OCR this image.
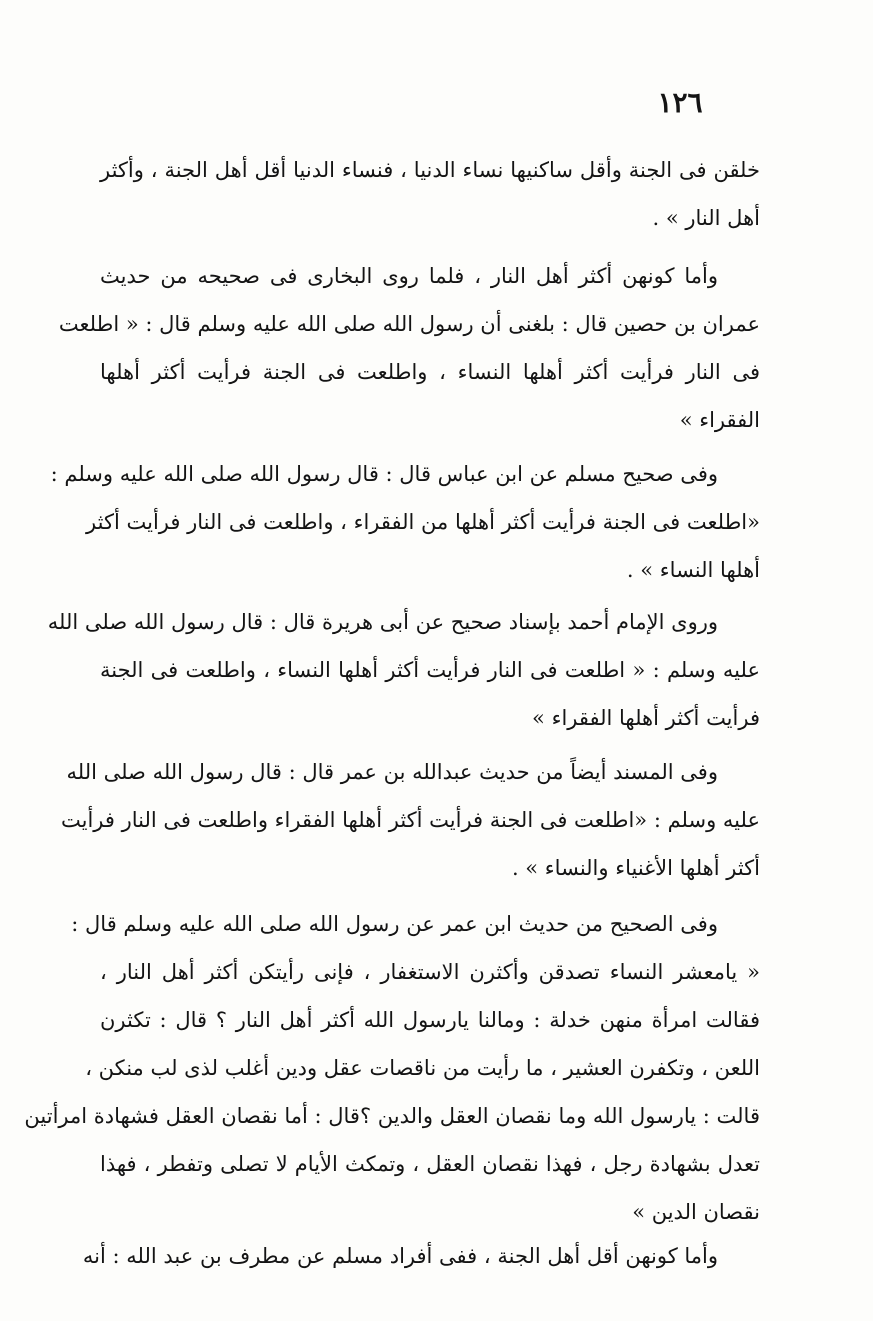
١٢٦
خلقن فى الجنة وأقل ساكنيها نساء الدنيا ، فنساء الدنيا أقل أهل الجنة ، وأكثر
أهل النار » .
وأما كونهن أكثر أهل النار ، فلما روى البخارى فى صحيحه من حديث
عمران بن حصين قال : بلغنى أن رسول الله صلى الله عليه وسلم قال : « اطلعت
فى النار فرأيت أكثر أهلها النساء ، واطلعت فى الجنة فرأيت أكثر أهلها
الفقراء »
وفى صحيح مسلم عن ابن عباس قال : قال رسول الله صلى الله عليه وسلم :
«اطلعت فى الجنة فرأيت أكثر أهلها من الفقراء ، واطلعت فى النار فرأيت أكثر
أهلها النساء » .
وروى الإمام أحمد بإسناد صحيح عن أبى هريرة قال : قال رسول الله صلى الله
عليه وسلم : « اطلعت فى النار فرأيت أكثر أهلها النساء ، واطلعت فى الجنة
فرأيت أكثر أهلها الفقراء »
وفى المسند أيضاً من حديث عبدالله بن عمر قال : قال رسول الله صلى الله
عليه وسلم : «اطلعت فى الجنة فرأيت أكثر أهلها الفقراء واطلعت فى النار فرأيت
أكثر أهلها الأغنياء والنساء » .
وفى الصحيح من حديث ابن عمر عن رسول الله صلى الله عليه وسلم قال :
« يامعشر النساء تصدقن وأكثرن الاستغفار ، فإنى رأيتكن أكثر أهل النار ،
فقالت امرأة منهن خدلة : ومالنا يارسول الله أكثر أهل النار ؟ قال : تكثرن
اللعن ، وتكفرن العشير ، ما رأيت من ناقصات عقل ودين أغلب لذى لب منكن ،
قالت : يارسول الله وما نقصان العقل والدين ؟قال : أما نقصان العقل فشهادة امرأتين
تعدل بشهادة رجل ، فهذا نقصان العقل ، وتمكث الأيام لا تصلى وتفطر ، فهذا
نقصان الدين »
وأما كونهن أقل أهل الجنة ، ففى أفراد مسلم عن مطرف بن عبد الله : أنه
